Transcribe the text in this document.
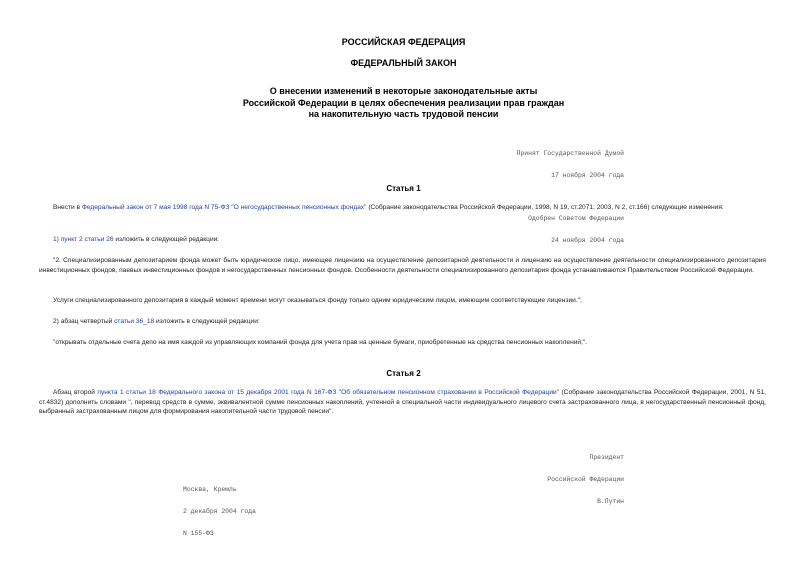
РОССИЙСКАЯ ФЕДЕРАЦИЯ
ФЕДЕРАЛЬНЫЙ ЗАКОН
О внесении изменений в некоторые законодательные акты
Российской Федерации в целях обеспечения реализации прав граждан
на накопительную часть трудовой пенсии

Принят Государственной Думой

17 ноября 2004 года

Одобрен Советом Федерации

24 ноября 2004 года

Статья 1
Внести в Федеральный закон от 7 мая 1998 года N 75-ФЗ "О негосударственных пенсионных фондах" (Собрание законодательства Российской Федерации, 1998, N 19, ст.2071; 2003, N 2, ст.166) следующие изменения:
1) пункт 2 статьи 26 изложить в следующей редакции:
"2. Специализированным депозитарием фонда может быть юридическое лицо, имеющее лицензию на осуществление депозитарной деятельности и лицензию на осуществление деятельности специализированного депозитария инвестиционных фондов, паевых инвестиционных фондов и негосударственных пенсионных фондов. Особенности деятельности специализированного депозитария фонда устанавливаются Правительством Российской Федерации.
Услуги специализированного депозитария в каждый момент времени могут оказываться фонду только одним юридическим лицом, имеющим соответствующие лицензии.";
2) абзац четвертый статьи 36_18 изложить в следующей редакции:
"открывать отдельные счета депо на имя каждой из управляющих компаний фонда для учета прав на ценные бумаги, приобретенные на средства пенсионных накоплений;".
Статья 2
Абзац второй пункта 1 статьи 18 Федерального закона от 15 декабря 2001 года N 167-ФЗ "Об обязательном пенсионном страховании в Российской Федерации" (Собрание законодательства Российской Федерации, 2001, N 51, ст.4832) дополнить словами ", перевод средств в сумме, эквивалентной сумме пенсионных накоплений, учтенной в специальной части индивидуального лицевого счета застрахованного лица, в негосударственный пенсионный фонд, выбранный застрахованным лицом для формирования накопительной части трудовой пенсии".

Президент

Российской Федерации

В.Путин

Москва, Кремль

2 декабря 2004 года

N 155-ФЗ
